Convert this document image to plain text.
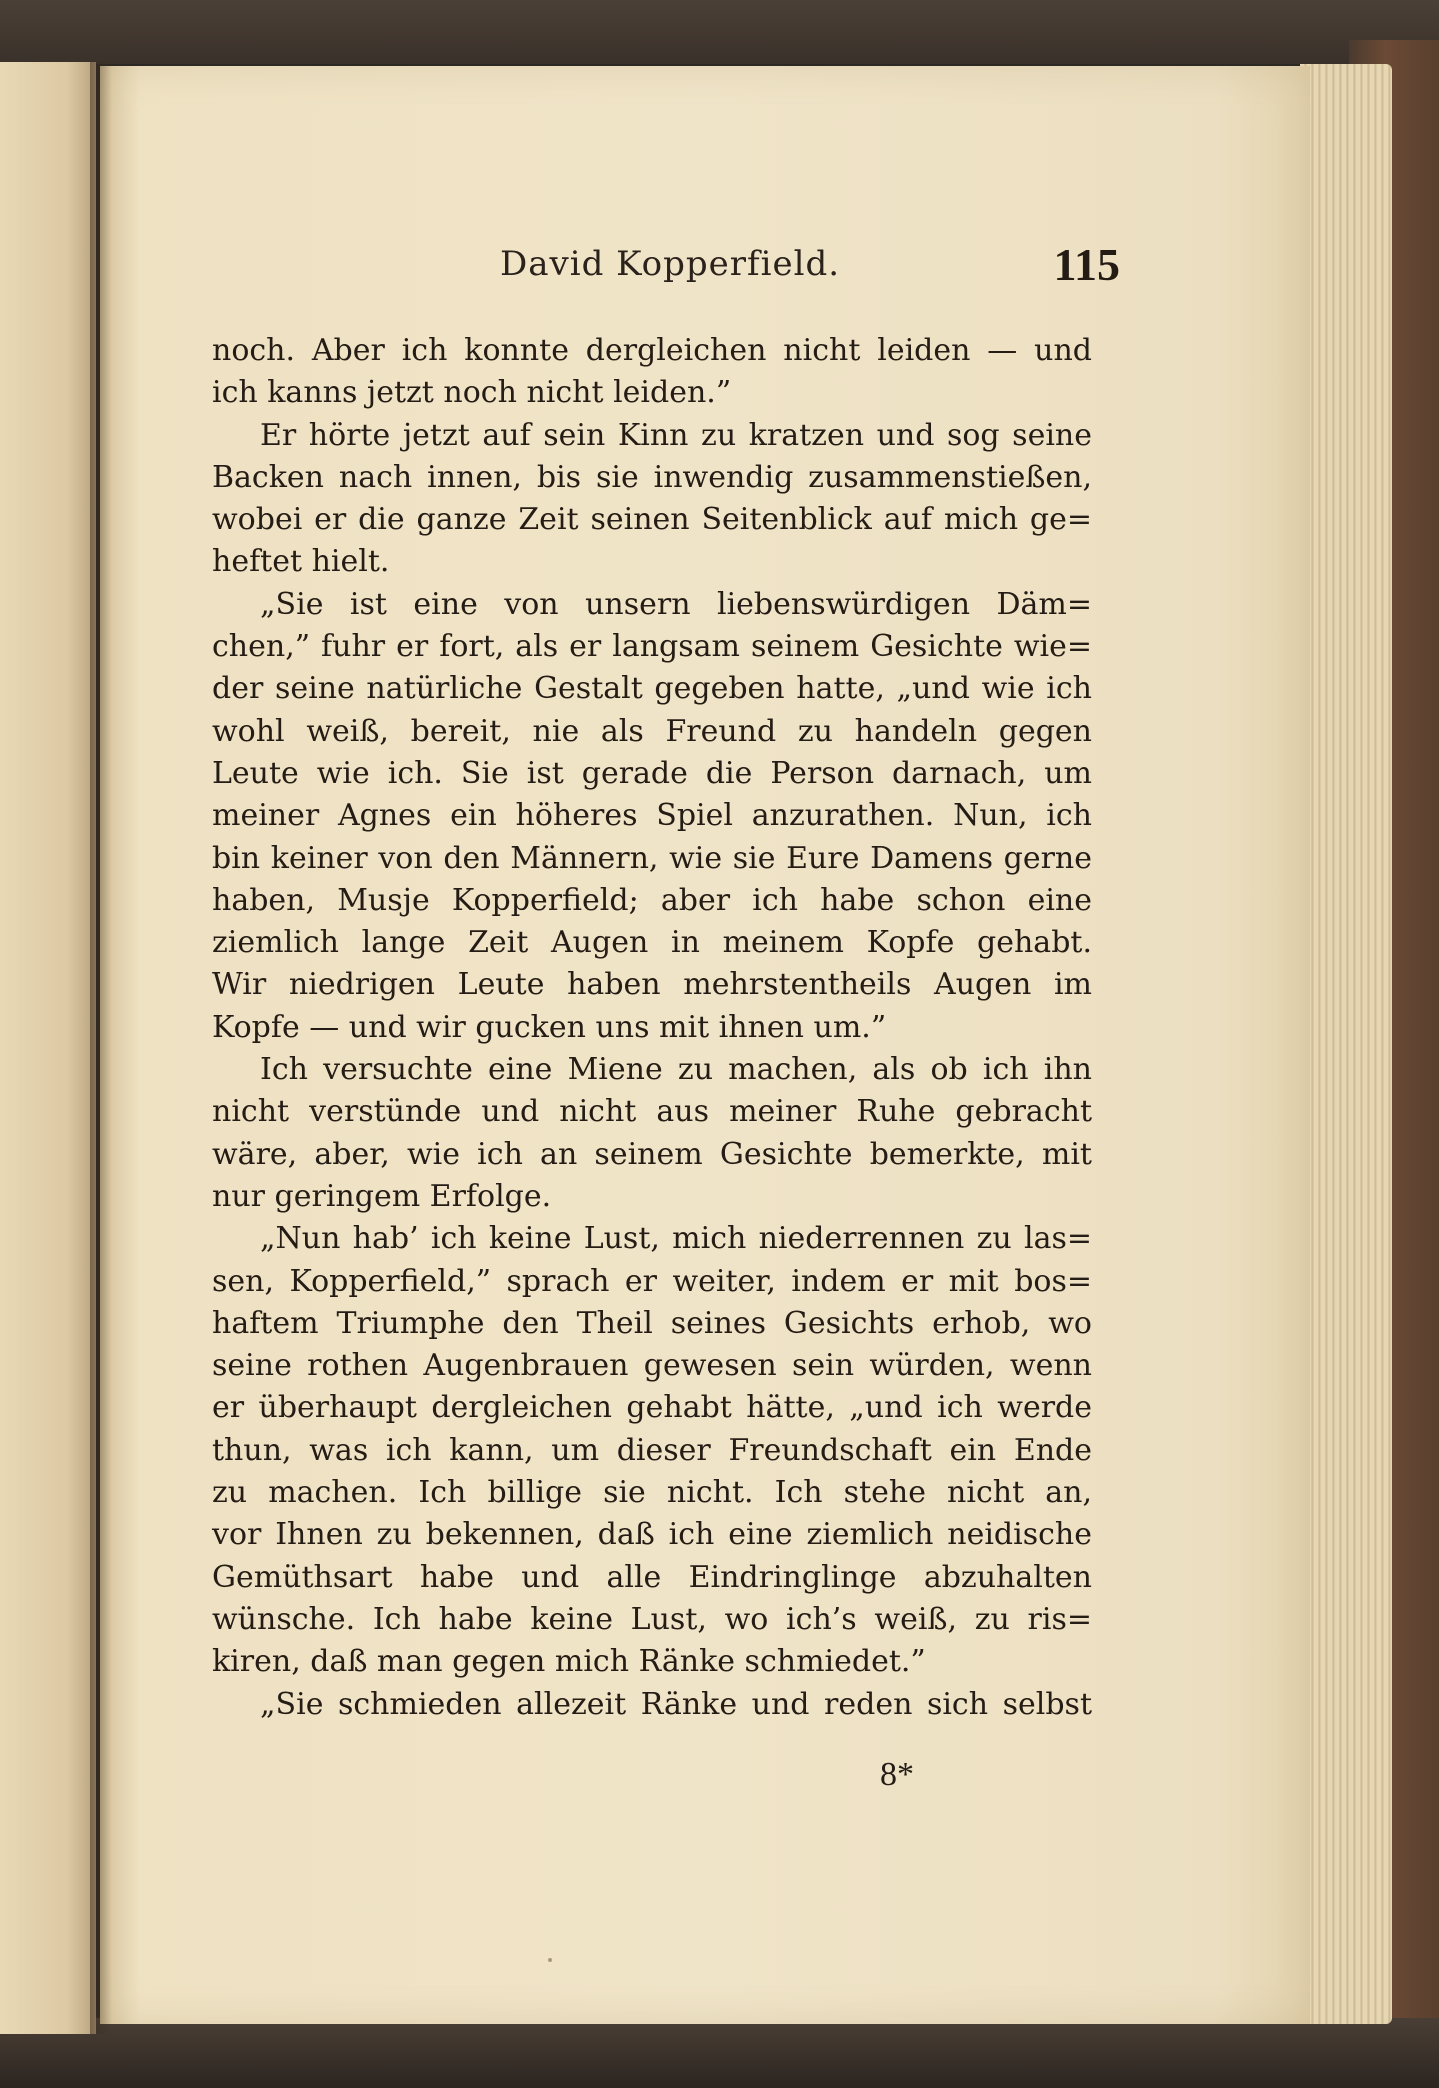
David Kopperfield.	115
noch. Aber ich konnte dergleichen nicht leiden — und
ich kanns jetzt noch nicht leiden.”
Er hörte jetzt auf sein Kinn zu kratzen und sog seine
Backen nach innen, bis sie inwendig zusammenstießen,
wobei er die ganze Zeit seinen Seitenblick auf mich ge=
heftet hielt.
„Sie ist eine von unsern liebenswürdigen Däm=
chen,” fuhr er fort, als er langsam seinem Gesichte wie=
der seine natürliche Gestalt gegeben hatte, „und wie ich
wohl weiß, bereit, nie als Freund zu handeln gegen
Leute wie ich. Sie ist gerade die Person darnach, um
meiner Agnes ein höheres Spiel anzurathen. Nun, ich
bin keiner von den Männern, wie sie Eure Damens gerne
haben, Musje Kopperfield; aber ich habe schon eine
ziemlich lange Zeit Augen in meinem Kopfe gehabt.
Wir niedrigen Leute haben mehrstentheils Augen im
Kopfe — und wir gucken uns mit ihnen um.”
Ich versuchte eine Miene zu machen, als ob ich ihn
nicht verstünde und nicht aus meiner Ruhe gebracht
wäre, aber, wie ich an seinem Gesichte bemerkte, mit
nur geringem Erfolge.
„Nun hab’ ich keine Lust, mich niederrennen zu las=
sen, Kopperfield,” sprach er weiter, indem er mit bos=
haftem Triumphe den Theil seines Gesichts erhob, wo
seine rothen Augenbrauen gewesen sein würden, wenn
er überhaupt dergleichen gehabt hätte, „und ich werde
thun, was ich kann, um dieser Freundschaft ein Ende
zu machen. Ich billige sie nicht. Ich stehe nicht an,
vor Ihnen zu bekennen, daß ich eine ziemlich neidische
Gemüthsart habe und alle Eindringlinge abzuhalten
wünsche. Ich habe keine Lust, wo ich’s weiß, zu ris=
kiren, daß man gegen mich Ränke schmiedet.”
„Sie schmieden allezeit Ränke und reden sich selbst
8*
